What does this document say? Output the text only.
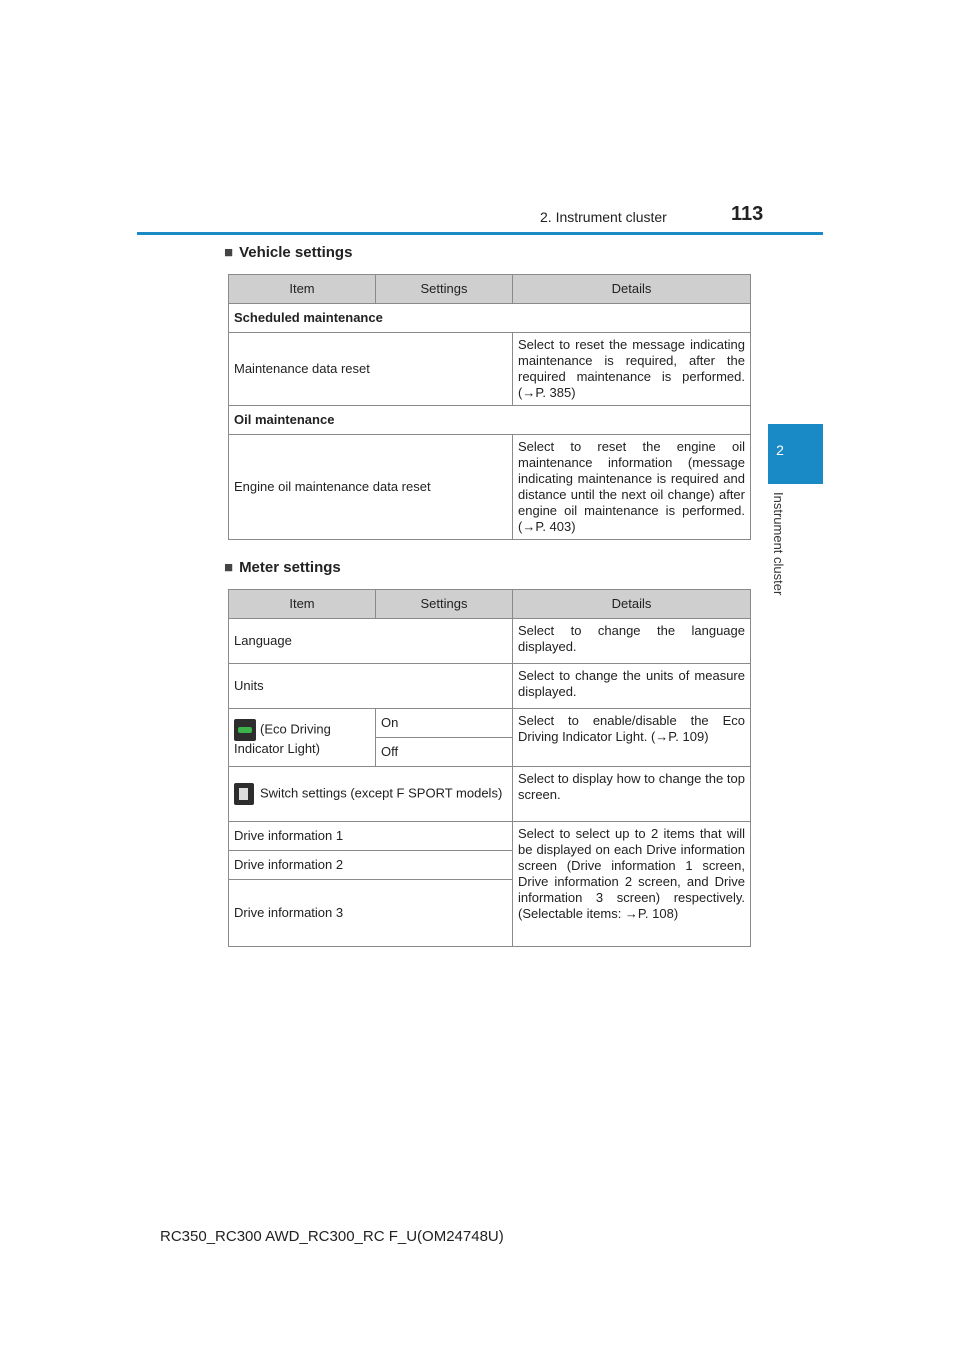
2. Instrument cluster	113
2
Instrument cluster
■ Vehicle settings
Item	Settings	Details
Scheduled maintenance		
Maintenance data reset		Select to reset the message indicating maintenance is required, after the required maintenance is performed. (→P. 385)
Oil maintenance		
Engine oil maintenance data reset		Select to reset the engine oil maintenance information (message indicating maintenance is required and distance until the next oil change) after engine oil maintenance is performed. (→P. 403)
■ Meter settings
Item	Settings	Details
Language		Select to change the language displayed.
Units		Select to change the units of measure displayed.
(Eco Driving Indicator Light)	On	Select to enable/disable the Eco Driving Indicator Light. (→P. 109)
	Off	
Switch settings (except F SPORT models)		Select to display how to change the top screen.
Drive information 1		Select to select up to 2 items that will be displayed on each Drive information screen (Drive information 1 screen, Drive information 2 screen, and Drive information 3 screen) respectively. (Selectable items: →P. 108)
Drive information 2		
Drive information 3		
RC350_RC300 AWD_RC300_RC F_U(OM24748U)
